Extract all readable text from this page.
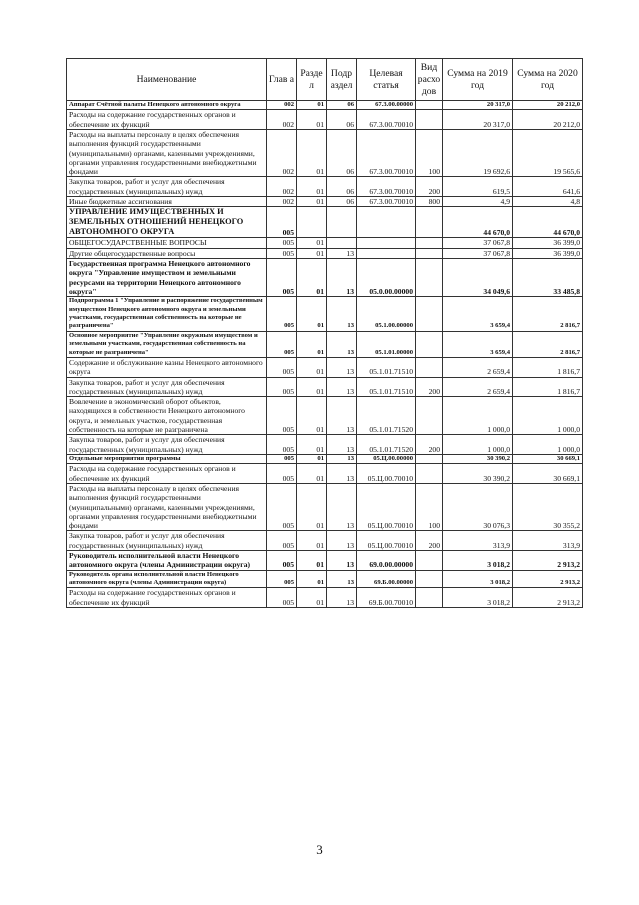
Наименование	Глав а	Разде л	Подр аздел	Целевая статья	Вид расхо дов	Сумма на 2019 год	Сумма на 2020 год
Аппарат Счётной палаты Ненецкого автономного округа	002	01	06	67.3.00.00000		20 317,0	20 212,0
Расходы на содержание государственных органов и обеспечение их функций	002	01	06	67.3.00.70010		20 317,0	20 212,0
Расходы на выплаты персоналу в целях обеспечения выполнения функций государственными (муниципальными) органами, казенными учреждениями, органами управления государственными внебюджетными фондами	002	01	06	67.3.00.70010	100	19 692,6	19 565,6
Закупка товаров, работ и услуг для обеспечения государственных (муниципальных) нужд	002	01	06	67.3.00.70010	200	619,5	641,6
Иные бюджетные ассигнования	002	01	06	67.3.00.70010	800	4,9	4,8
УПРАВЛЕНИЕ ИМУЩЕСТВЕННЫХ И ЗЕМЕЛЬНЫХ ОТНОШЕНИЙ НЕНЕЦКОГО АВТОНОМНОГО ОКРУГА	005					44 670,0	44 670,0
ОБЩЕГОСУДАРСТВЕННЫЕ ВОПРОСЫ	005	01				37 067,8	36 399,0
Другие общегосударственные вопросы	005	01	13			37 067,8	36 399,0
Государственная программа Ненецкого автономного округа "Управление имуществом и земельными ресурсами на территории Ненецкого автономного округа"	005	01	13	05.0.00.00000		34 049,6	33 485,8
Подпрограмма 1 "Управление и распоряжение государственным имуществом Ненецкого автономного округа и земельными участками, государственная собственность на которые не разграничена"	005	01	13	05.1.00.00000		3 659,4	2 816,7
Основное мероприятие "Управление окружным имуществом и земельными участками, государственная собственность на которые не разграничена"	005	01	13	05.1.01.00000		3 659,4	2 816,7
Содержание и обслуживание казны Ненецкого автономного округа	005	01	13	05.1.01.71510		2 659,4	1 816,7
Закупка товаров, работ и услуг для обеспечения государственных (муниципальных) нужд	005	01	13	05.1.01.71510	200	2 659,4	1 816,7
Вовлечение в экономический оборот объектов, находящихся в собственности Ненецкого автономного округа, и земельных участков, государственная собственность на которые не разграничена	005	01	13	05.1.01.71520		1 000,0	1 000,0
Закупка товаров, работ и услуг для обеспечения государственных (муниципальных) нужд	005	01	13	05.1.01.71520	200	1 000,0	1 000,0
Отдельные мероприятия программы	005	01	13	05.Ц.00.00000		30 390,2	30 669,1
Расходы на содержание государственных органов и обеспечение их функций	005	01	13	05.Ц.00.70010		30 390,2	30 669,1
Расходы на выплаты персоналу в целях обеспечения выполнения функций государственными (муниципальными) органами, казенными учреждениями, органами управления государственными внебюджетными фондами	005	01	13	05.Ц.00.70010	100	30 076,3	30 355,2
Закупка товаров, работ и услуг для обеспечения государственных (муниципальных) нужд	005	01	13	05.Ц.00.70010	200	313,9	313,9
Руководитель исполнительной власти Ненецкого автономного округа (члены Администрации округа)	005	01	13	69.0.00.00000		3 018,2	2 913,2
Руководитель органа исполнительной власти Ненецкого автономного округа (члены Администрации округа)	005	01	13	69.Б.00.00000		3 018,2	2 913,2
Расходы на содержание государственных органов и обеспечение их функций	005	01	13	69.Б.00.70010		3 018,2	2 913,2
3
